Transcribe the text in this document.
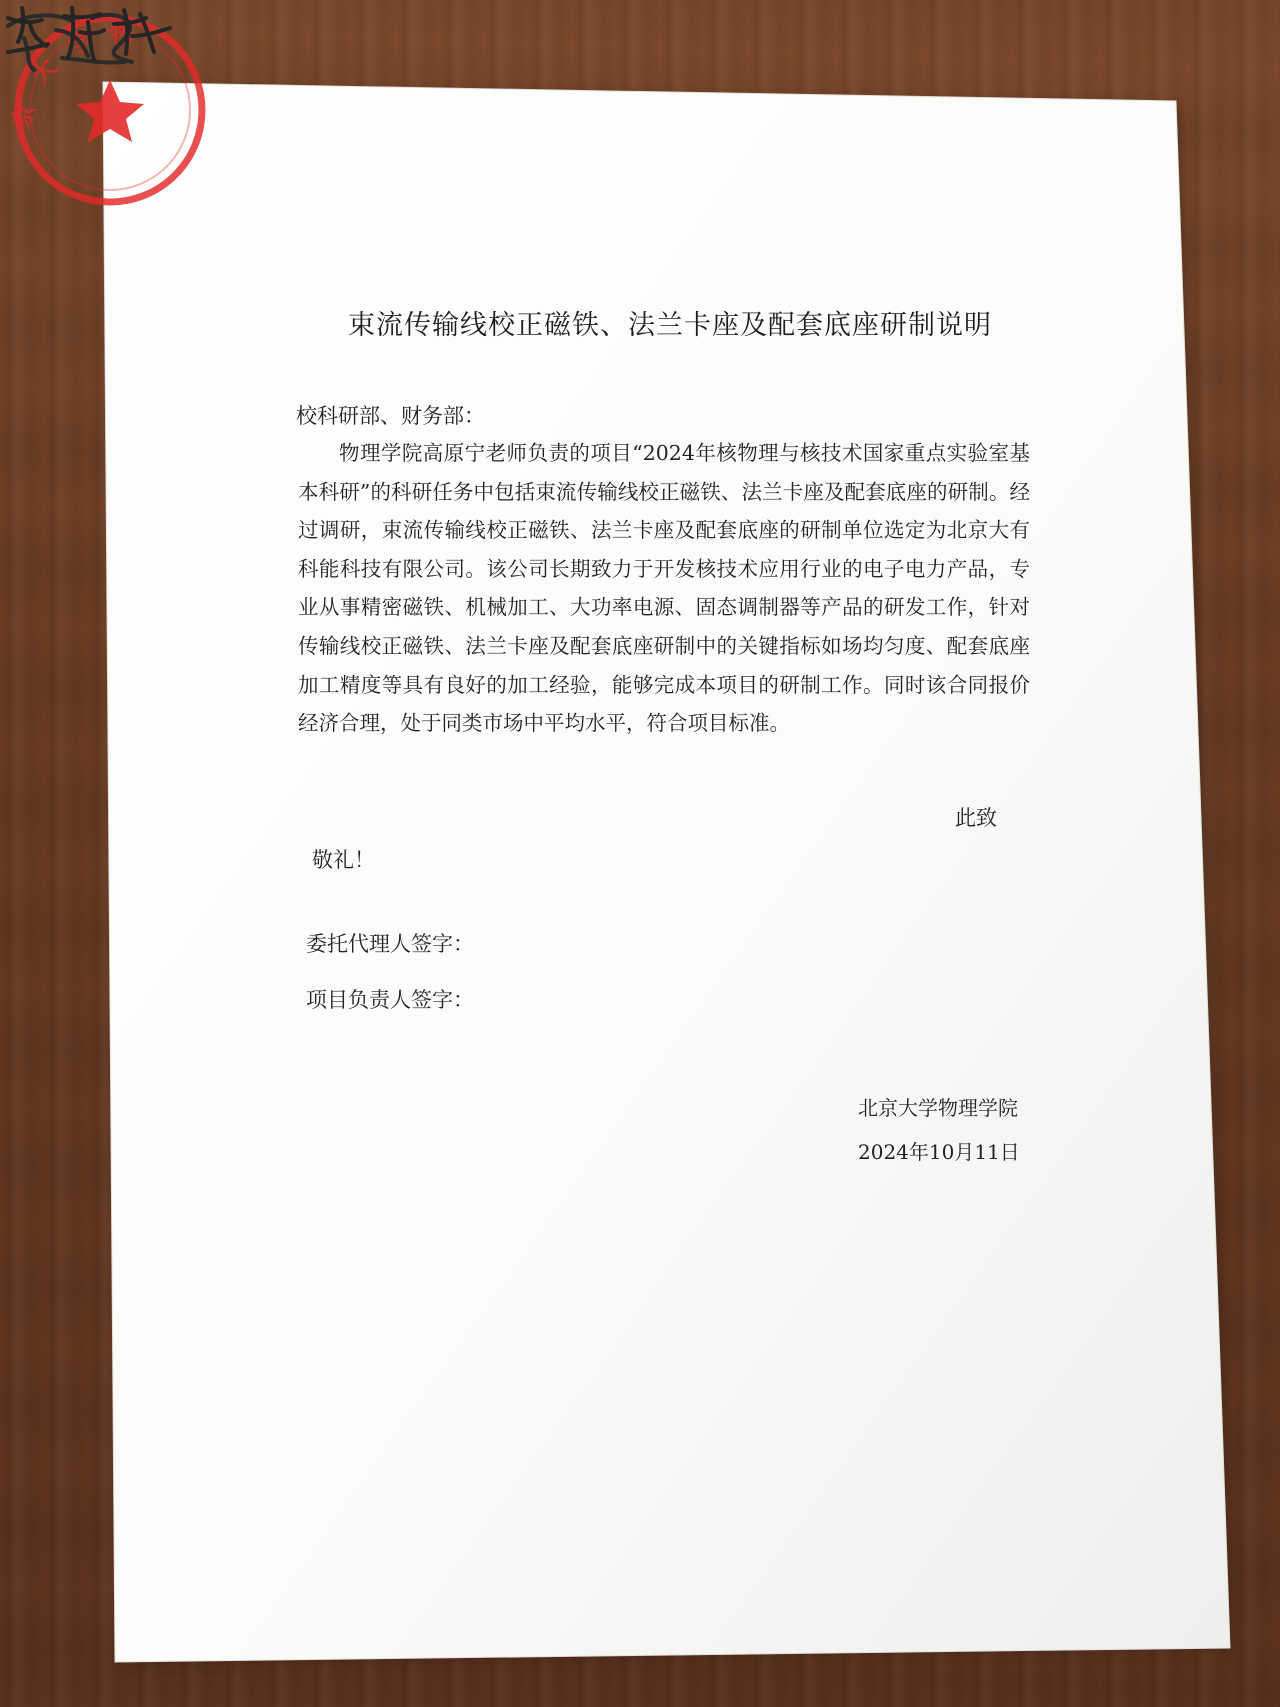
束流传输线校正磁铁、法兰卡座及配套底座研制说明
校科研部、财务部：
物理学院高原宁老师负责的项目“2024年核物理与核技术国家重点实验室基本科研”的科研任务中包括束流传输线校正磁铁、法兰卡座及配套底座的研制。经过调研，束流传输线校正磁铁、法兰卡座及配套底座的研制单位选定为北京大有科能科技有限公司。该公司长期致力于开发核技术应用行业的电子电力产品，专业从事精密磁铁、机械加工、大功率电源、固态调制器等产品的研发工作，针对传输线校正磁铁、法兰卡座及配套底座研制中的关键指标如场均匀度、配套底座加工精度等具有良好的加工经验，能够完成本项目的研制工作。同时该合同报价经济合理，处于同类市场中平均水平，符合项目标准。
此致
敬礼！
委托代理人签字：
项目负责人签字：
京
大
学 物
北京大学物理学院
2024年10月11日
